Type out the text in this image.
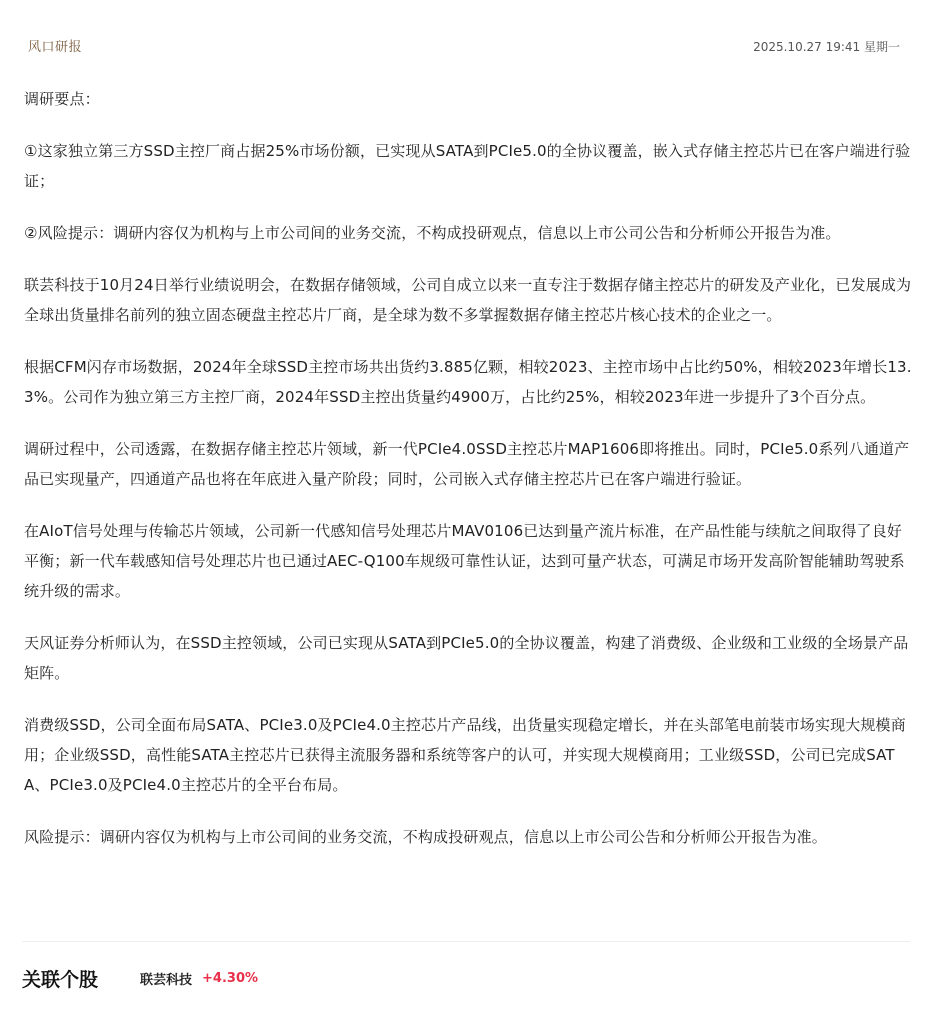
风口研报	2025.10.27 19:41 星期一

调研要点：

①这家独立第三方SSD主控厂商占据25%市场份额，已实现从SATA到PCIe5.0的全协议覆盖，嵌入式存储主控芯片已在客户端进行验证；

②风险提示：调研内容仅为机构与上市公司间的业务交流，不构成投研观点，信息以上市公司公告和分析师公开报告为准。

联芸科技于10月24日举行业绩说明会，在数据存储领域，公司自成立以来一直专注于数据存储主控芯片的研发及产业化，已发展成为全球出货量排名前列的独立固态硬盘主控芯片厂商，是全球为数不多掌握数据存储主控芯片核心技术的企业之一。

根据CFM闪存市场数据，2024年全球SSD主控市场共出货约3.885亿颗，相较2023、主控市场中占比约50%，相较2023年增长13.3%。公司作为独立第三方主控厂商，2024年SSD主控出货量约4900万，占比约25%，相较2023年进一步提升了3个百分点。

调研过程中，公司透露，在数据存储主控芯片领域，新一代PCIe4.0SSD主控芯片MAP1606即将推出。同时，PCIe5.0系列八通道产品已实现量产，四通道产品也将在年底进入量产阶段；同时，公司嵌入式存储主控芯片已在客户端进行验证。

在AIoT信号处理与传输芯片领域，公司新一代感知信号处理芯片MAV0106已达到量产流片标准，在产品性能与续航之间取得了良好平衡；新一代车载感知信号处理芯片也已通过AEC-Q100车规级可靠性认证，达到可量产状态，可满足市场开发高阶智能辅助驾驶系统升级的需求。

天风证券分析师认为，在SSD主控领域，公司已实现从SATA到PCIe5.0的全协议覆盖，构建了消费级、企业级和工业级的全场景产品矩阵。

消费级SSD，公司全面布局SATA、PCIe3.0及PCIe4.0主控芯片产品线，出货量实现稳定增长，并在头部笔电前装市场实现大规模商用；企业级SSD，高性能SATA主控芯片已获得主流服务器和系统等客户的认可，并实现大规模商用；工业级SSD，公司已完成SATA、PCIe3.0及PCIe4.0主控芯片的全平台布局。

风险提示：调研内容仅为机构与上市公司间的业务交流，不构成投研观点，信息以上市公司公告和分析师公开报告为准。

关联个股	联芸科技 +4.30%
